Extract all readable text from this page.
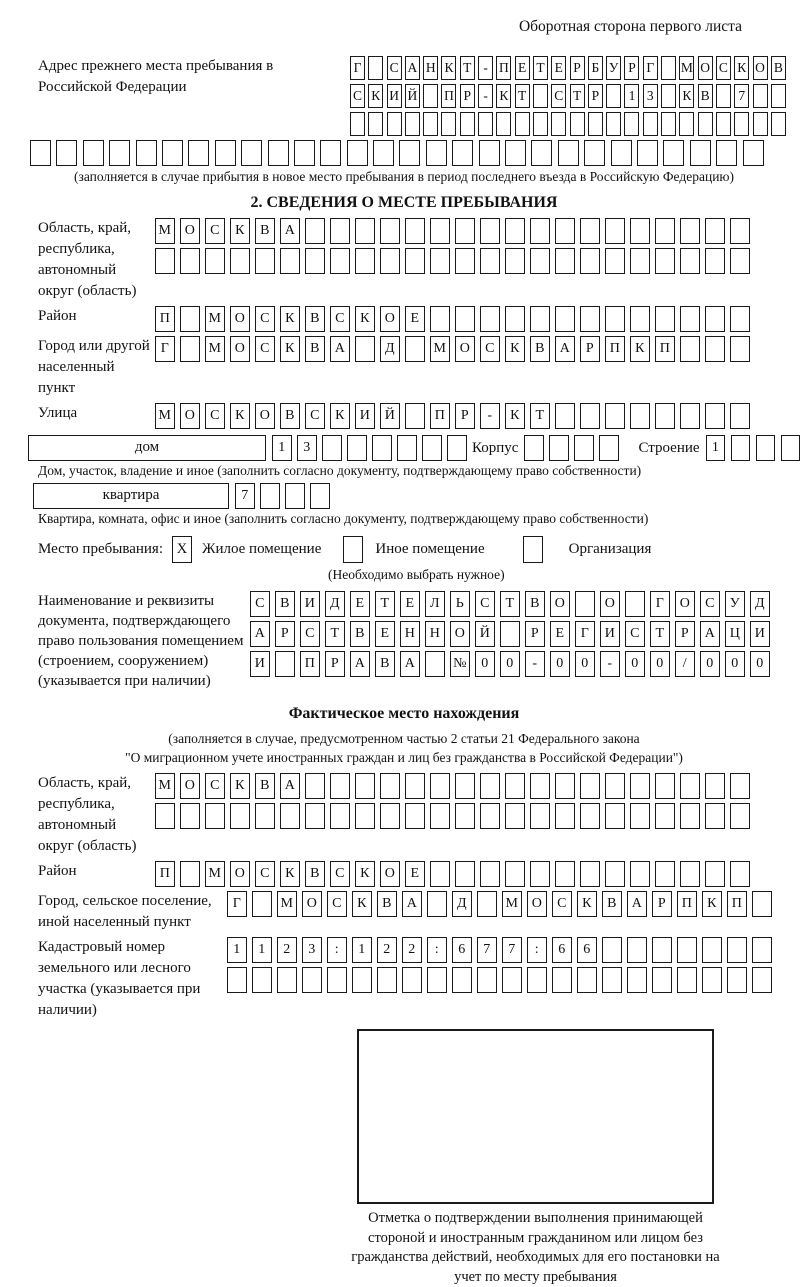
Оборотная сторона первого листа
Адрес прежнего места пребывания в Российской Федерации
Г С А Н К Т - П Е Т Е Р Б У Р Г М О С К О В
С К И Й П Р - К Т С Т Р	1 3	К В	7
(заполняется в случае прибытия в новое место пребывания в период последнего въезда в Российскую Федерацию)
2. СВЕДЕНИЯ О МЕСТЕ ПРЕБЫВАНИЯ
Область, край, республика, автономный округ (область)
М О	С	К	В	А
Район	П	М О	С	К	В	С	К	О	Е
Город или другой населенный пункт
Г	М О	С	К	В	А	Д	М О	С	К	В	А	Р	П	К	П
Улица	М О	С	К	О	В	С	К	И	Й	П	Р	-	К	Т
дом	1	3	Корпус	Строение 1
Дом, участок, владение и иное (заполнить согласно документу, подтверждающему право собственности)
квартира	7
Квартира, комната, офис и иное (заполнить согласно документу, подтверждающему право собственности)
Место пребывания: X Жилое помещение	Иное помещение	Организация
(Необходимо выбрать нужное)
Наименование и реквизиты документа, подтверждающего право пользования помещением (строением, сооружением) (указывается при наличии)
С	В	И	Д	Е	Т	Е	Л	Ь	С	Т	В	О	О	Г	О	С	У	Д
А	Р	С	Т	В	Е	Н	Н	О	Й	Р	Е	Г	И	С	Т	Р	А	Ц	И
И	П	Р	А	В	А	№	0	0	-	0	0	-	0	0	/	0	0	0
Фактическое место нахождения
(заполняется в случае, предусмотренном частью 2 статьи 21 Федерального закона
"О миграционном учете иностранных граждан и лиц без гражданства в Российской Федерации")
Область, край, республика, автономный округ (область)
М О	С	К	В	А
Район	П	М О	С	К	В	С	К	О	Е
Город, сельское поселение, иной населенный пункт
Г	М О	С	К	В	А	Д	М О	С	К	В	А	Р	П	К	П
Кадастровый номер земельного или лесного участка (указывается при наличии)
1	1	2	3	:	1	2	2	:	6	7	7	:	6	6
Отметка о подтверждении выполнения принимающей стороной и иностранным гражданином или лицом без гражданства действий, необходимых для его постановки на учет по месту пребывания
